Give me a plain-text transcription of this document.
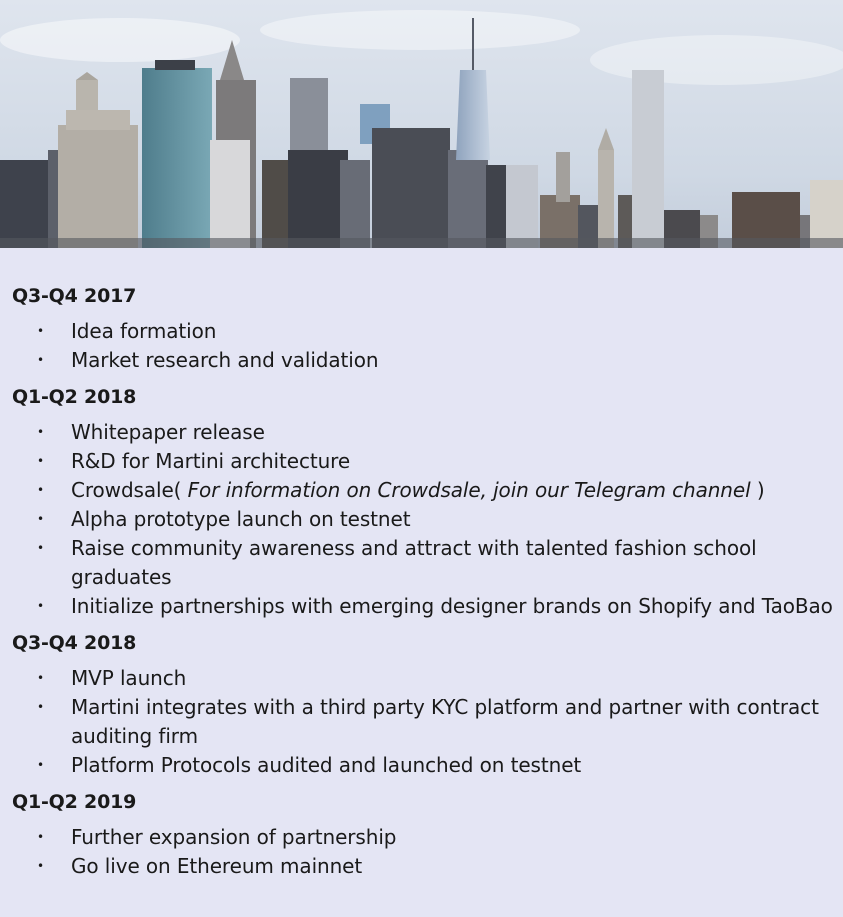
Q3-Q4 2017
• Idea formation
• Market research and validation
Q1-Q2 2018
• Whitepaper release
• R&D for Martini architecture
• Crowdsale( For information on Crowdsale, join our Telegram channel )
• Alpha prototype launch on testnet
• Raise community awareness and attract with talented fashion school graduates
• Initialize partnerships with emerging designer brands on Shopify and TaoBao
Q3-Q4 2018
• MVP launch
• Martini integrates with a third party KYC platform and partner with contract auditing firm
• Platform Protocols audited and launched on testnet
Q1-Q2 2019
• Further expansion of partnership
• Go live on Ethereum mainnet
